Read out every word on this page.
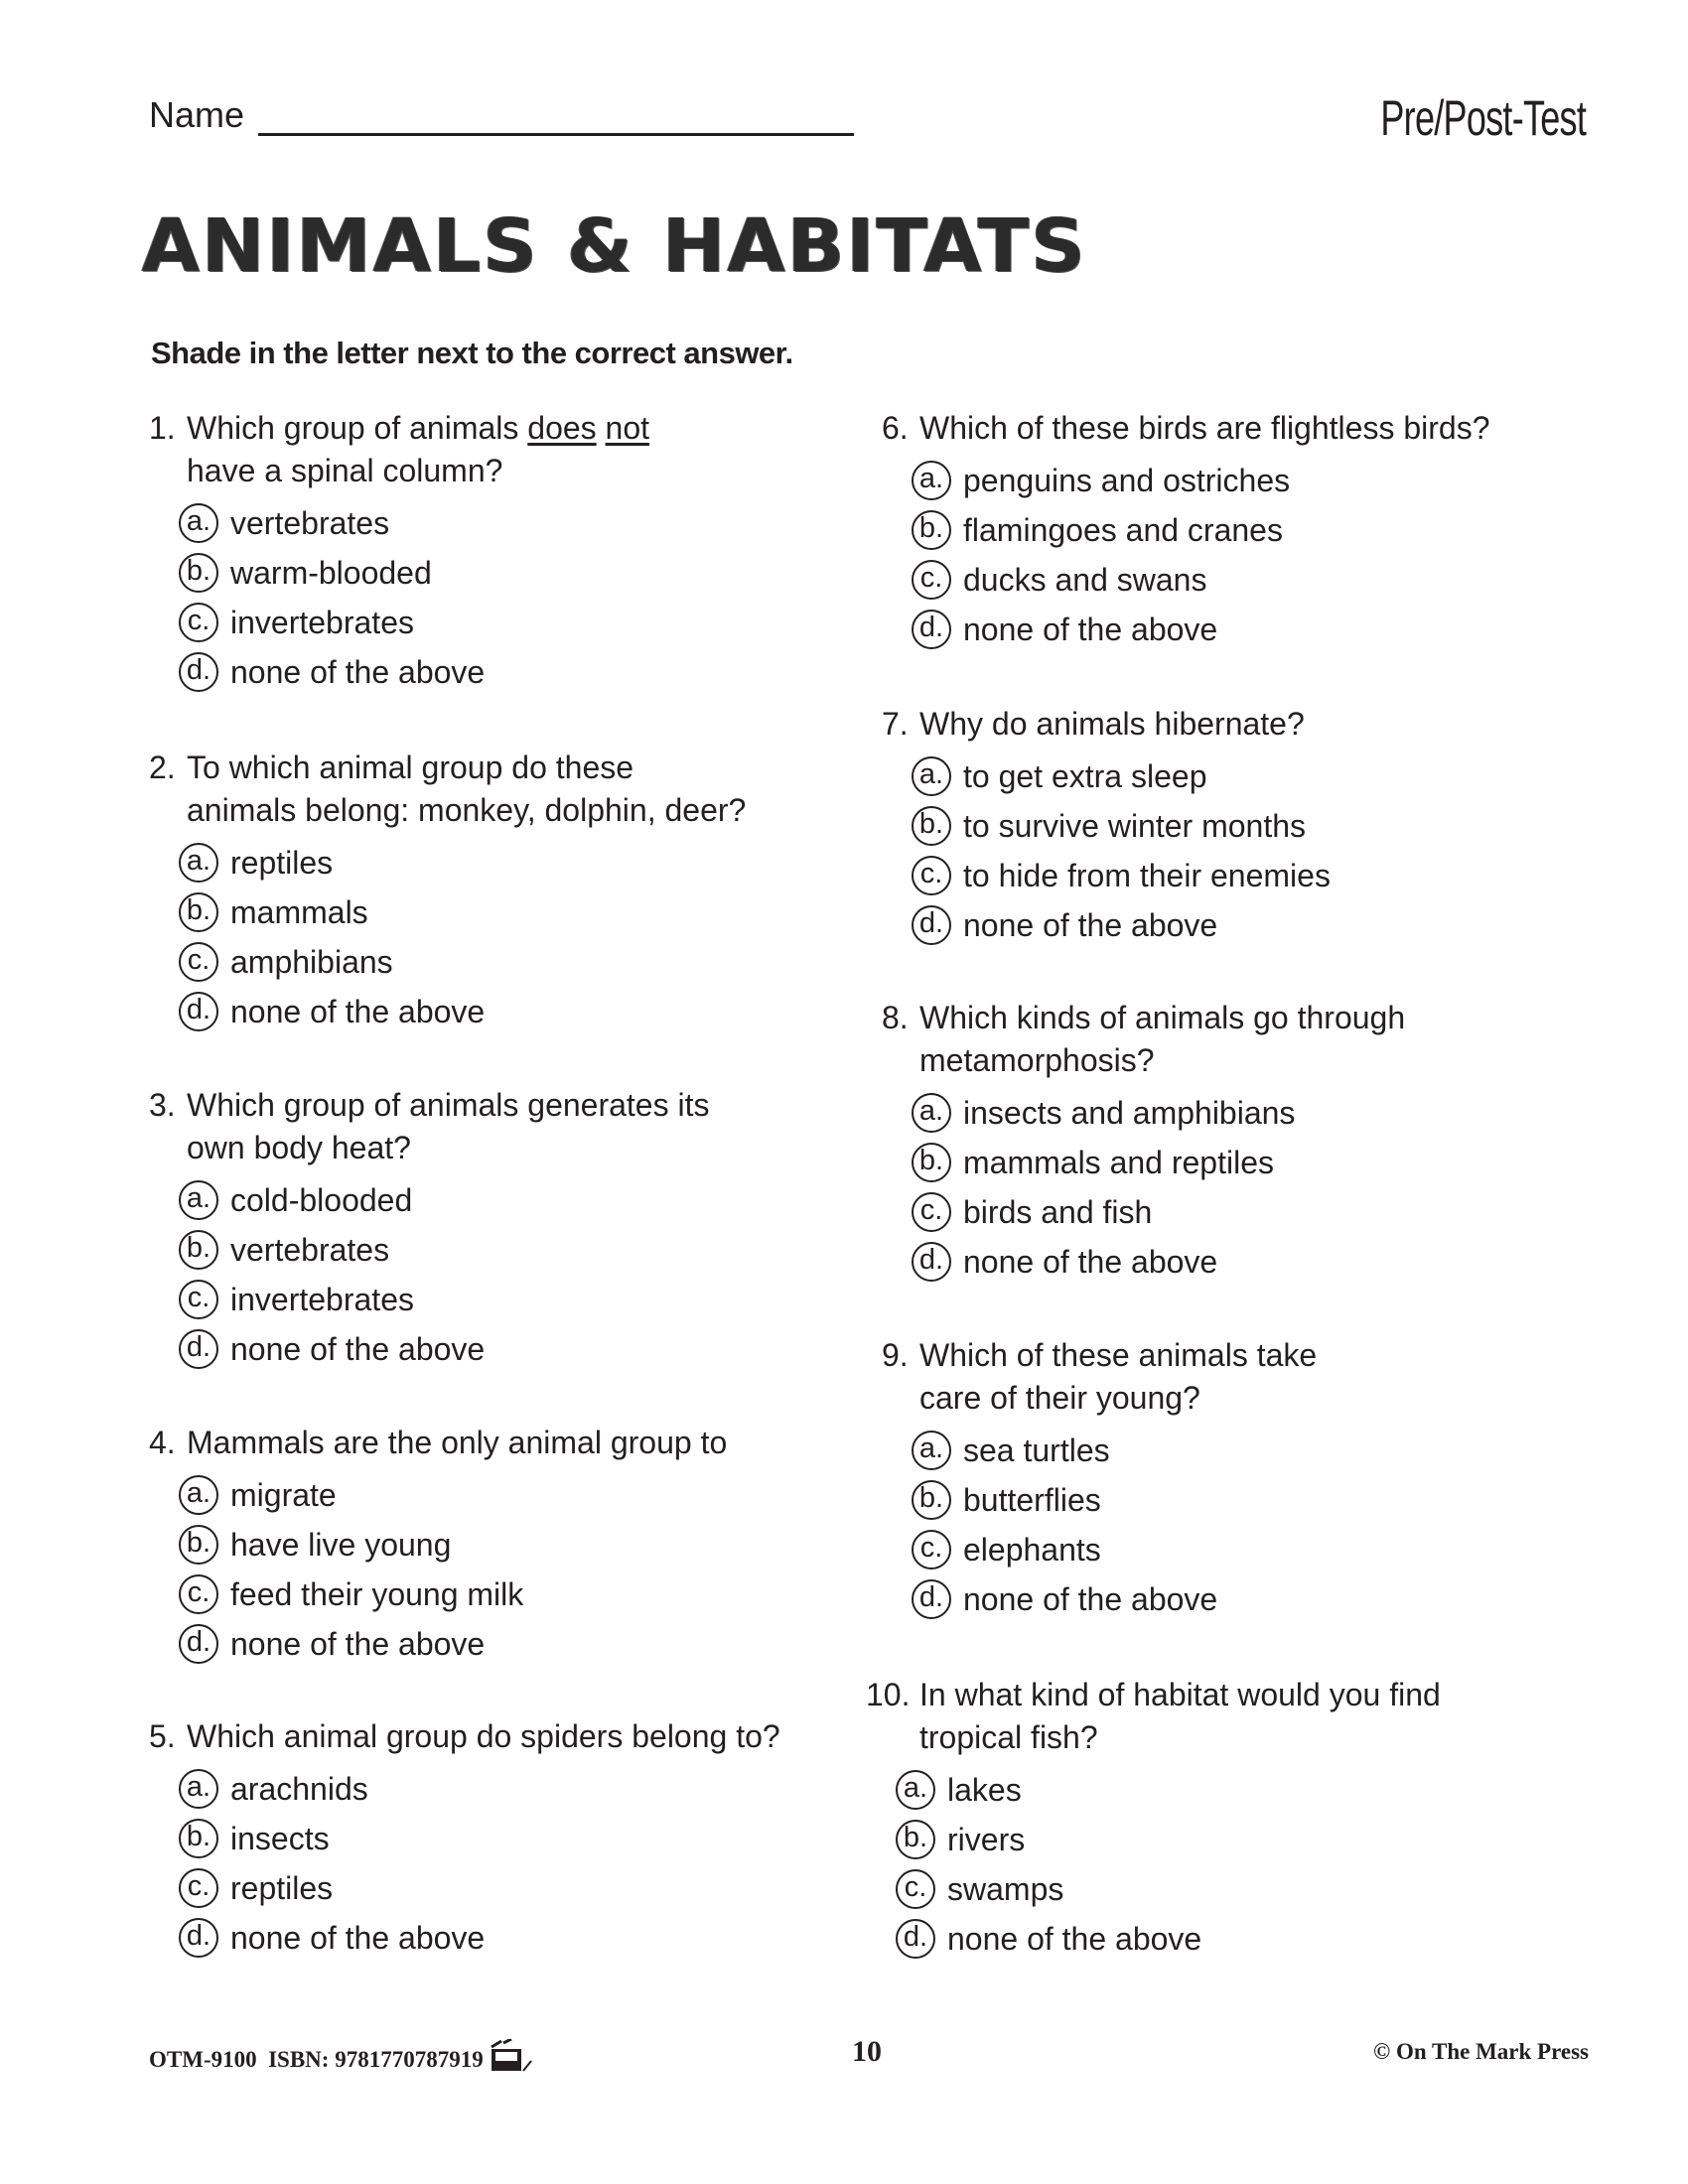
Name	Pre/Post-Test
ANIMALS & HABITATS
Shade in the letter next to the correct answer.
1. Which group of animals does not
have a spinal column?
a. vertebrates
b. warm-blooded
c. invertebrates
d. none of the above
2. To which animal group do these
animals belong: monkey, dolphin, deer?
a. reptiles
b. mammals
c. amphibians
d. none of the above
3. Which group of animals generates its
own body heat?
a. cold-blooded
b. vertebrates
c. invertebrates
d. none of the above
4. Mammals are the only animal group to
a. migrate
b. have live young
c. feed their young milk
d. none of the above
5. Which animal group do spiders belong to?
a. arachnids
b. insects
c. reptiles
d. none of the above
6. Which of these birds are flightless birds?
a. penguins and ostriches
b. flamingoes and cranes
c. ducks and swans
d. none of the above
7. Why do animals hibernate?
a. to get extra sleep
b. to survive winter months
c. to hide from their enemies
d. none of the above
8. Which kinds of animals go through
metamorphosis?
a. insects and amphibians
b. mammals and reptiles
c. birds and fish
d. none of the above
9. Which of these animals take
care of their young?
a. sea turtles
b. butterflies
c. elephants
d. none of the above
10. In what kind of habitat would you find
tropical fish?
a. lakes
b. rivers
c. swamps
d. none of the above
OTM-9100  ISBN: 9781770787919	10	© On The Mark Press
